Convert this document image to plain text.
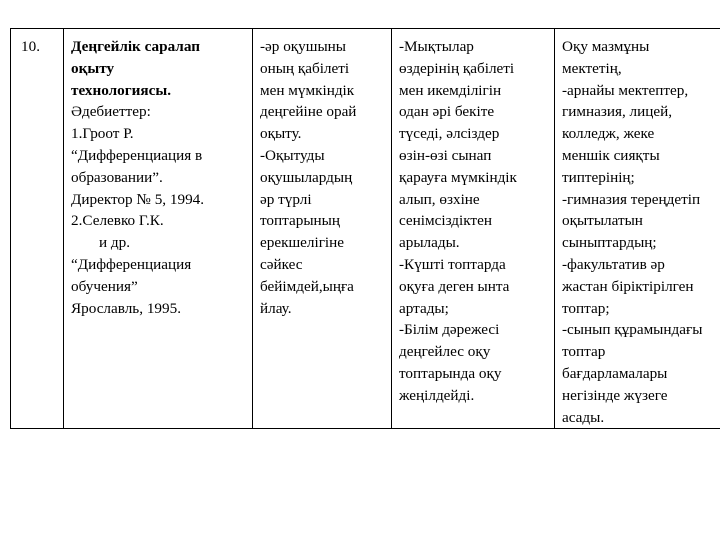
10.	Деңгейлік саралап
оқыту
технологиясы.
Әдебиеттер:
1.Гроот Р.
“Дифференциация в
образовании”.
Директор № 5, 1994.
2.Селевко Г.К.
и др.
“Дифференциация
обучения”
Ярославль, 1995.

-әр оқушыны
оның қабілеті
мен мүмкіндік
деңгейіне орай
оқыту.
-Оқытуды
оқушылардың
әр түрлі
топтарының
ерекшелігіне
сәйкес
бейімдей,ыңға
йлау.

-Мықтылар
өздерінің қабілеті
мен икемділігін
одан әрі бекіте
түседі, әлсіздер
өзін-өзі сынап
қарауға мүмкіндік
алып, өзхіне
сенімсіздіктен
арылады.
-Күшті топтарда
оқуға деген ынта
артады;
-Білім дәрежесі
деңгейлес оқу
топтарында оқу
жеңілдейді.

Оқу мазмұны
мектетің,
-арнайы мектептер,
гимназия, лицей,
колледж, жеке
меншік сияқты
типтерінің;
-гимназия тереңдетіп
оқытылатын
сыныптардың;
-факультатив әр
жастан біріктірілген
топтар;
-сынып құрамындағы
топтар
бағдарламалары
негізінде жүзеге
асады.
